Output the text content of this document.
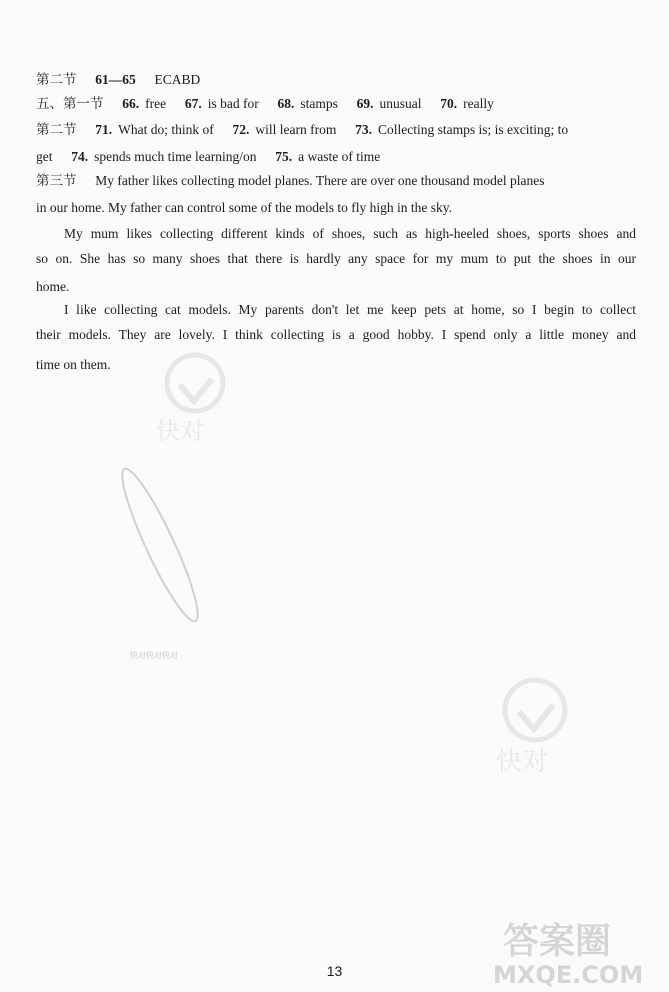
第二节 61—65 ECABD
五、第一节 66. free 67. is bad for 68. stamps 69. unusual 70. really
第二节 71. What do; think of 72. will learn from 73. Collecting stamps is; is exciting; to
get 74. spends much time learning/on 75. a waste of time
第三节 My father likes collecting model planes. There are over one thousand model planes
in our home. My father can control some of the models to fly high in the sky.
My mum likes collecting different kinds of shoes, such as high-heeled shoes, sports shoes and
so on. She has so many shoes that there is hardly any space for my mum to put the shoes in our
home.
I like collecting cat models. My parents don't let me keep pets at home, so I begin to collect
their models. They are lovely. I think collecting is a good hobby. I spend only a little money and
time on them.
快对
快对快对快对
快对
答案圈
MXQE.COM
13
